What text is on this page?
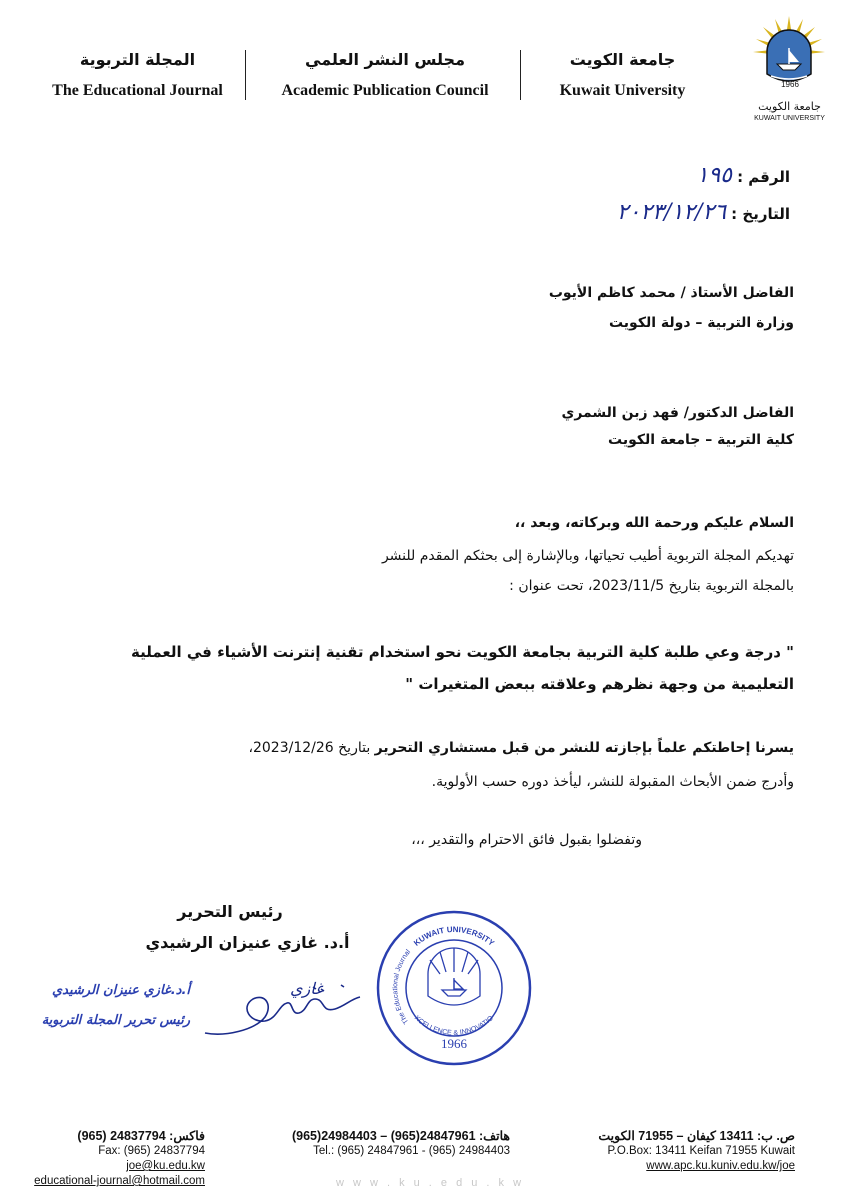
1966
جامعة الكويت
KUWAIT UNIVERSITY
جامعة الكويت
Kuwait University
مجلس النشر العلمي
Academic Publication Council
المجلة التربوية
The Educational Journal
الرقم : ١٩٥
التاريخ : ٢٠٢٣/١٢/٢٦
الفاضل الأستاذ / محمد كاظم الأيوب
وزارة التربية – دولة الكويت
الفاضل الدكتور/ فهد زبن الشمري
كلية التربية – جامعة الكويت
السلام عليكم ورحمة الله وبركاته، وبعد ،،
تهديكم المجلة التربوية أطيب تحياتها، وبالإشارة إلى بحثكم المقدم للنشر
بالمجلة التربوية بتاريخ 2023/11/5، تحت عنوان :
" درجة وعي طلبة كلية التربية بجامعة الكويت نحو استخدام تقنية إنترنت الأشياء في العملية
التعليمية من وجهة نظرهم وعلاقته ببعض المتغيرات "
يسرنا إحاطتكم علماً بإجازته للنشر من قبل مستشاري التحرير بتاريخ 2023/12/26،
وأدرج ضمن الأبحاث المقبولة للنشر، ليأخذ دوره حسب الأولوية.
وتفضلوا بقبول فائق الاحترام والتقدير ،،،
رئيس التحرير
أ.د. غازي عنيزان الرشيدي
أ.د.غازي عنيزان الرشيدي
رئيس تحرير المجلة التربوية
غازي
KUWAIT UNIVERSITY
The Educational Journal
XCELLENCE & INNOVATIO
1966
ص. ب: 13411 كيفان – 71955 الكويت
P.O.Box: 13411 Keifan 71955 Kuwait
www.apc.ku.kuniv.edu.kw/joe
هاتف: 24847961(965) – 24984403(965)
Tel.: (965) 24847961 - (965) 24984403
فاكس: 24837794 (965)
Fax: (965) 24837794
joe@ku.edu.kw
educational-journal@hotmail.com	w w w . k u . e d u . k w
